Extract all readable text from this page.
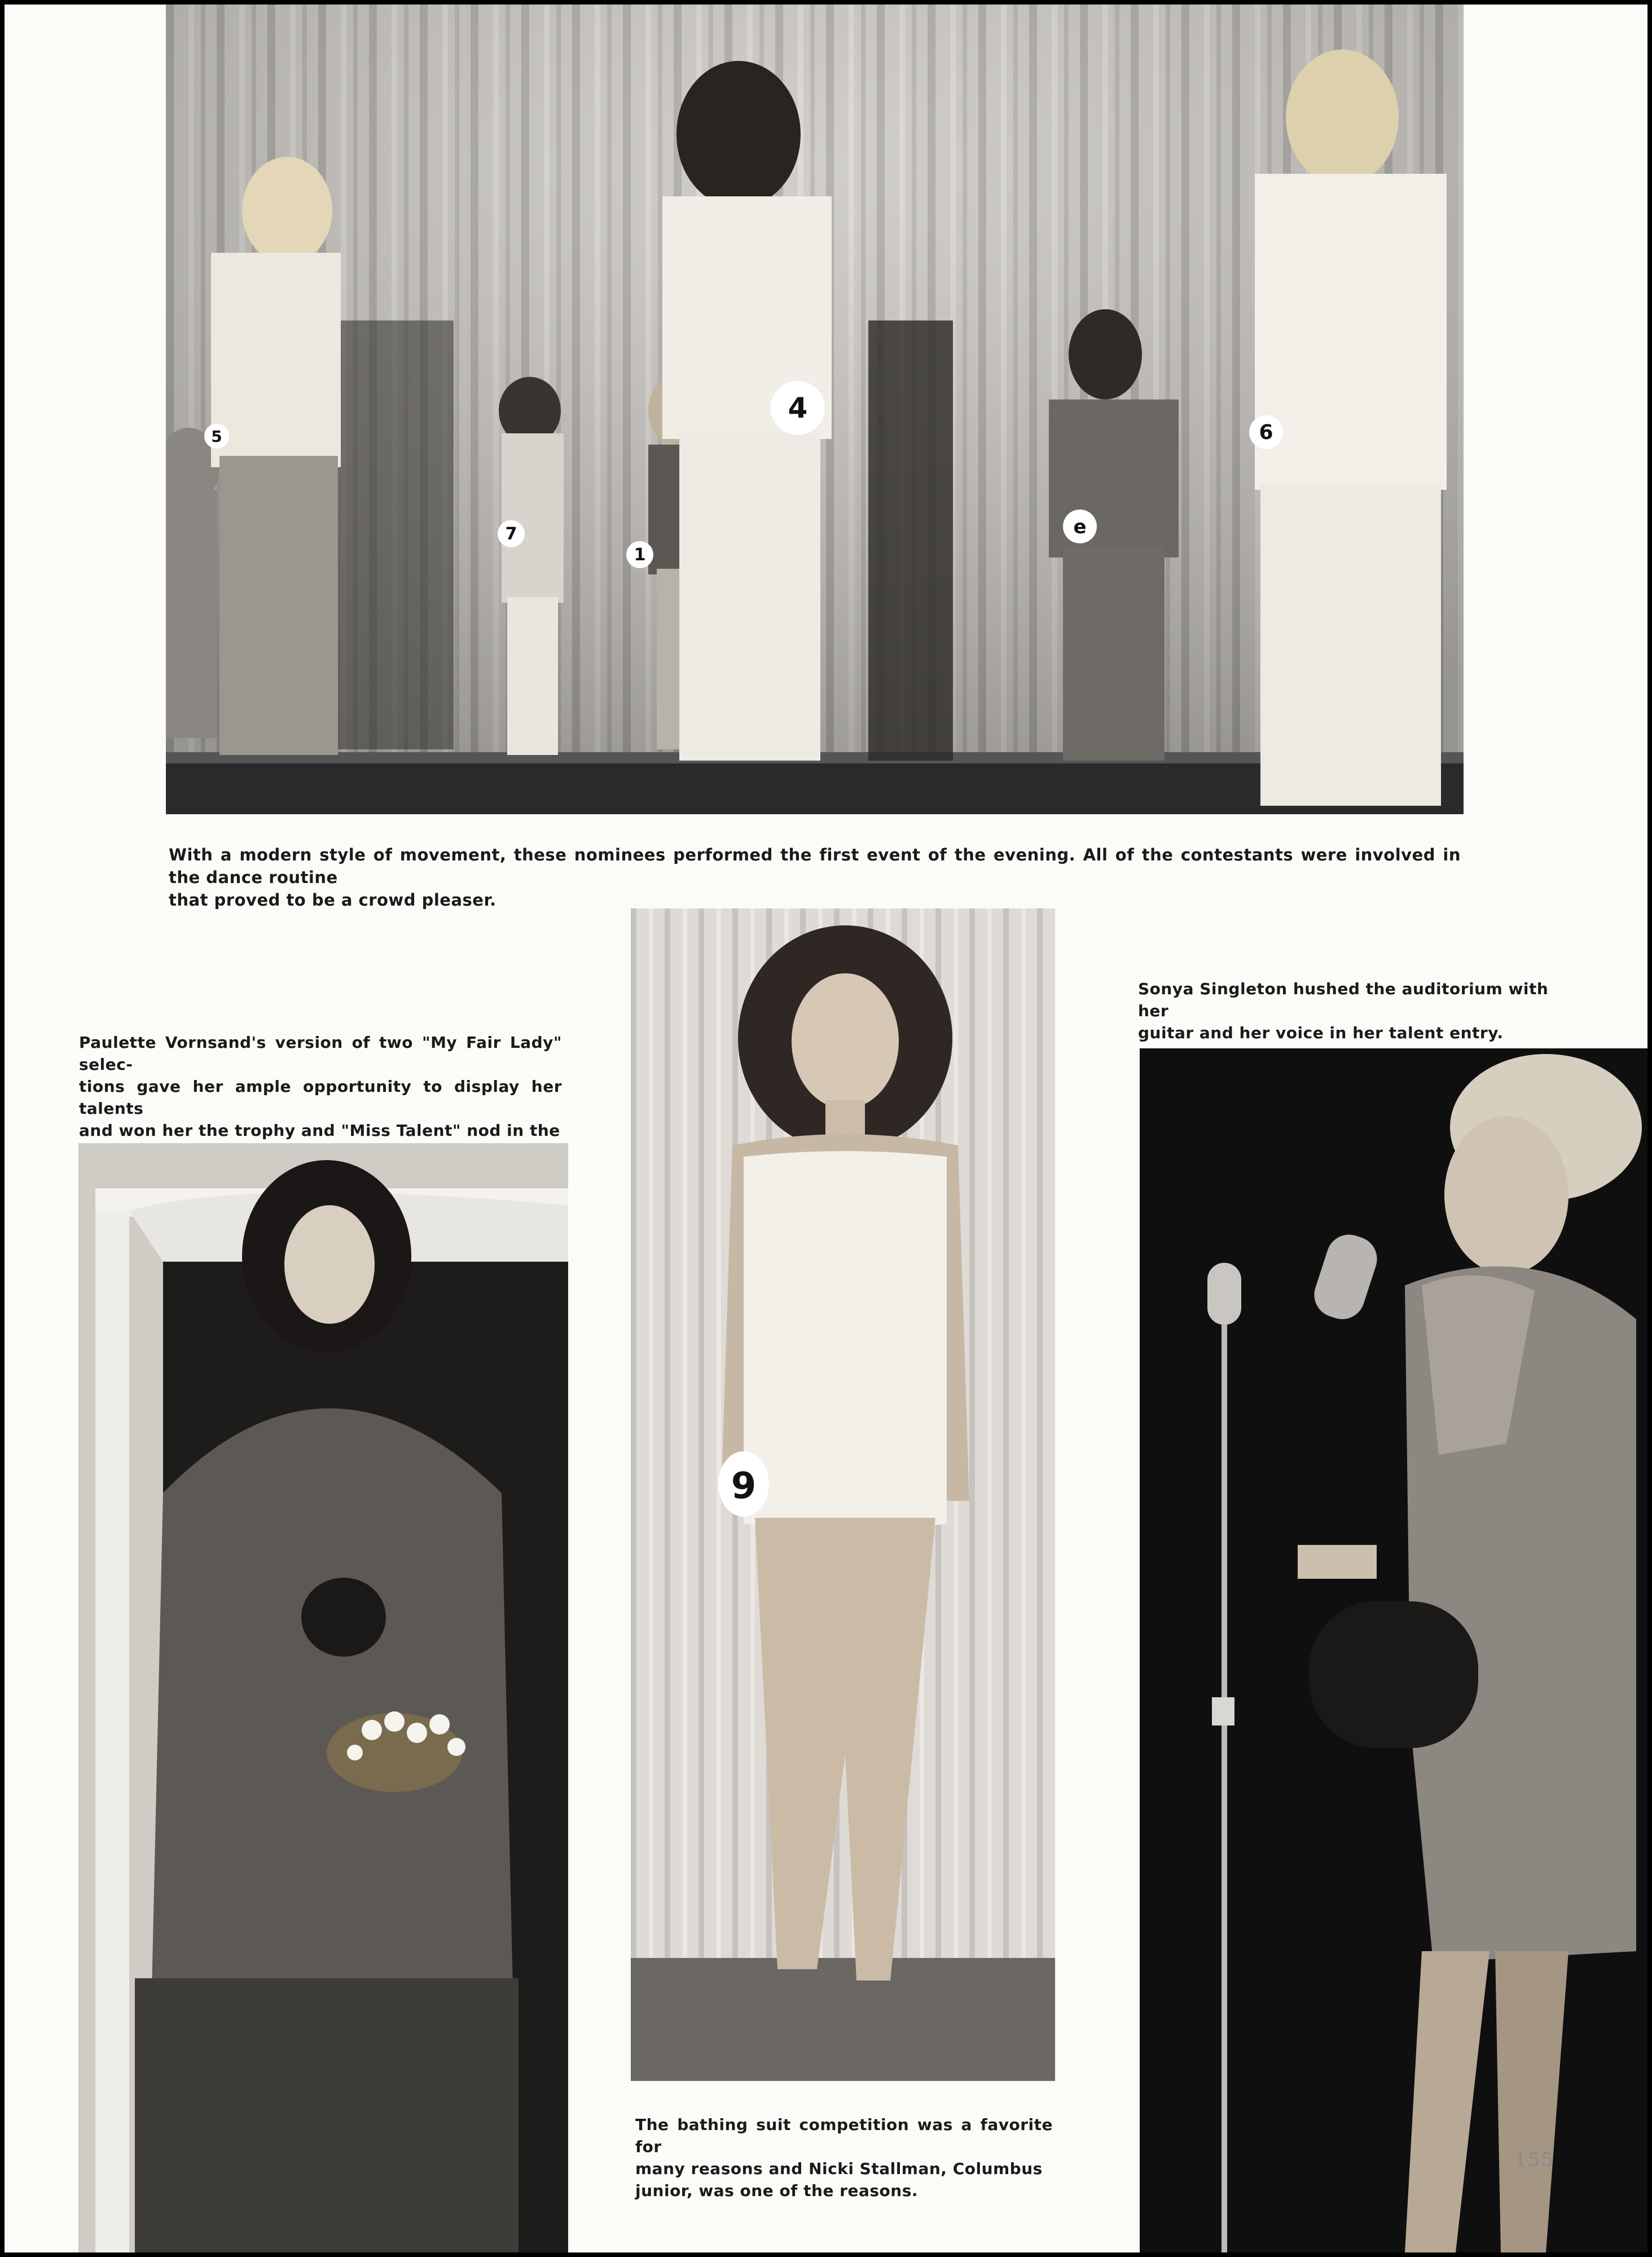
5
7
1
4
e
6
With a modern style of movement, these nominees performed the first event of the evening. All of the contestants were involved in the dance routine
that proved to be a crowd pleaser.
Paulette Vornsand's version of two "My Fair Lady" selec-
tions gave her ample opportunity to display her talents
and won her the trophy and "Miss Talent" nod in the
Sonya Singleton hushed the auditorium with her
guitar and her voice in her talent entry.
9
The bathing suit competition was a favorite for
many reasons and Nicki Stallman, Columbus
junior, was one of the reasons.
155
